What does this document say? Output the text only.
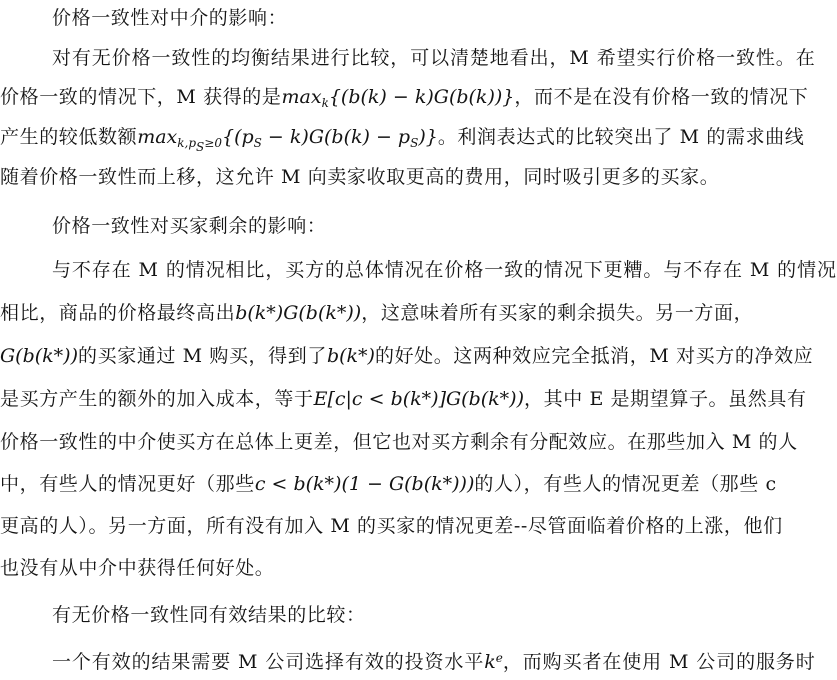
价格一致性对中介的影响：
对有无价格一致性的均衡结果进行比较，可以清楚地看出，M 希望实行价格一致性。在
价格一致的情况下，M 获得的是$\max_k\{(b(k) - k)G(b(k))\}$，而不是在没有价格一致的情况下
产生的较低数额$\max_{k,p_S\ge 0}\{(p_S - k)G(b(k) - p_S)\}$。利润表达式的比较突出了 M 的需求曲线
随着价格一致性而上移，这允许 M 向卖家收取更高的费用，同时吸引更多的买家。
价格一致性对买家剩余的影响：
与不存在 M 的情况相比，买方的总体情况在价格一致的情况下更糟。与不存在 M 的情况
相比，商品的价格最终高出b(k*)G(b(k*))，这意味着所有买家的剩余损失。另一方面，
G(b(k*))的买家通过 M 购买，得到了b(k*)的好处。这两种效应完全抵消，M 对买方的净效应
是买方产生的额外的加入成本，等于E[c|c < b(k*)]G(b(k*))，其中 E 是期望算子。虽然具有
价格一致性的中介使买方在总体上更差，但它也对买方剩余有分配效应。在那些加入 M 的人
中，有些人的情况更好（那些c < b(k*)(1 − G(b(k*)))的人），有些人的情况更差（那些 c
更高的人）。另一方面，所有没有加入 M 的买家的情况更差--尽管面临着价格的上涨，他们
也没有从中介中获得任何好处。
有无价格一致性同有效结果的比较：
一个有效的结果需要 M 公司选择有效的投资水平$k^e$，而购买者在使用 M 公司的服务时
